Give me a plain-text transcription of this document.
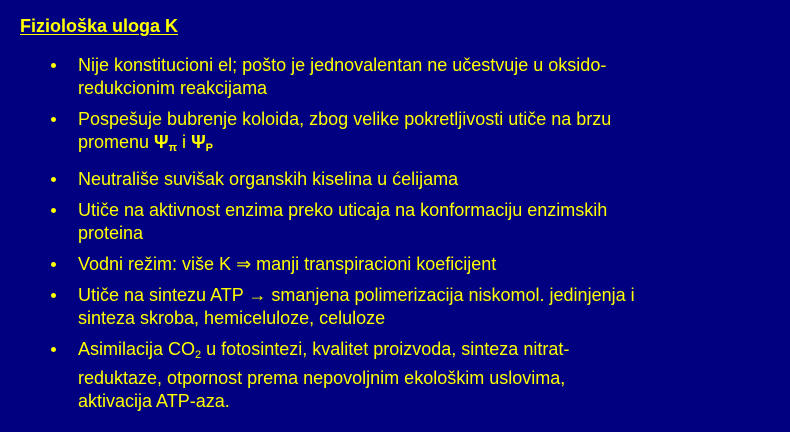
Fiziološka uloga K
Nije konstitucioni el; pošto je jednovalentan ne učestvuje u oksido-
redukcionim reakcijama
Pospešuje bubrenje koloida, zbog velike pokretljivosti utiče na brzu
promenu $\Psi_\pi$ i $\Psi_P$
Neutrališe suvišak organskih kiselina u ćelijama
Utiče na aktivnost enzima preko uticaja na konformaciju enzimskih
proteina
Vodni režim: više K ⇒ manji transpiracioni koeficijent
Utiče na sintezu ATP → smanjena polimerizacija niskomol. jedinjenja i
sinteza skroba, hemiceluloze, celuloze
Asimilacija $CO_2$ u fotosintezi, kvalitet proizvoda, sinteza nitrat-
reduktaze, otpornost prema nepovoljnim ekološkim uslovima,
aktivacija ATP-aza.
